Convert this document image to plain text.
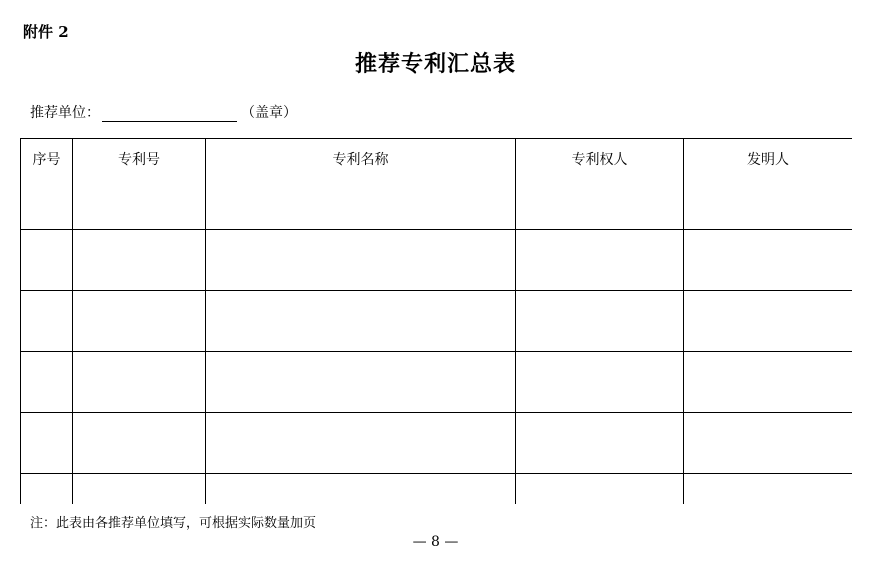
附件 2
推荐专利汇总表
推荐单位：	（盖章）
序号	专利号	专利名称	专利权人	发明人

注：此表由各推荐单位填写，可根据实际数量加页
— 8 —
